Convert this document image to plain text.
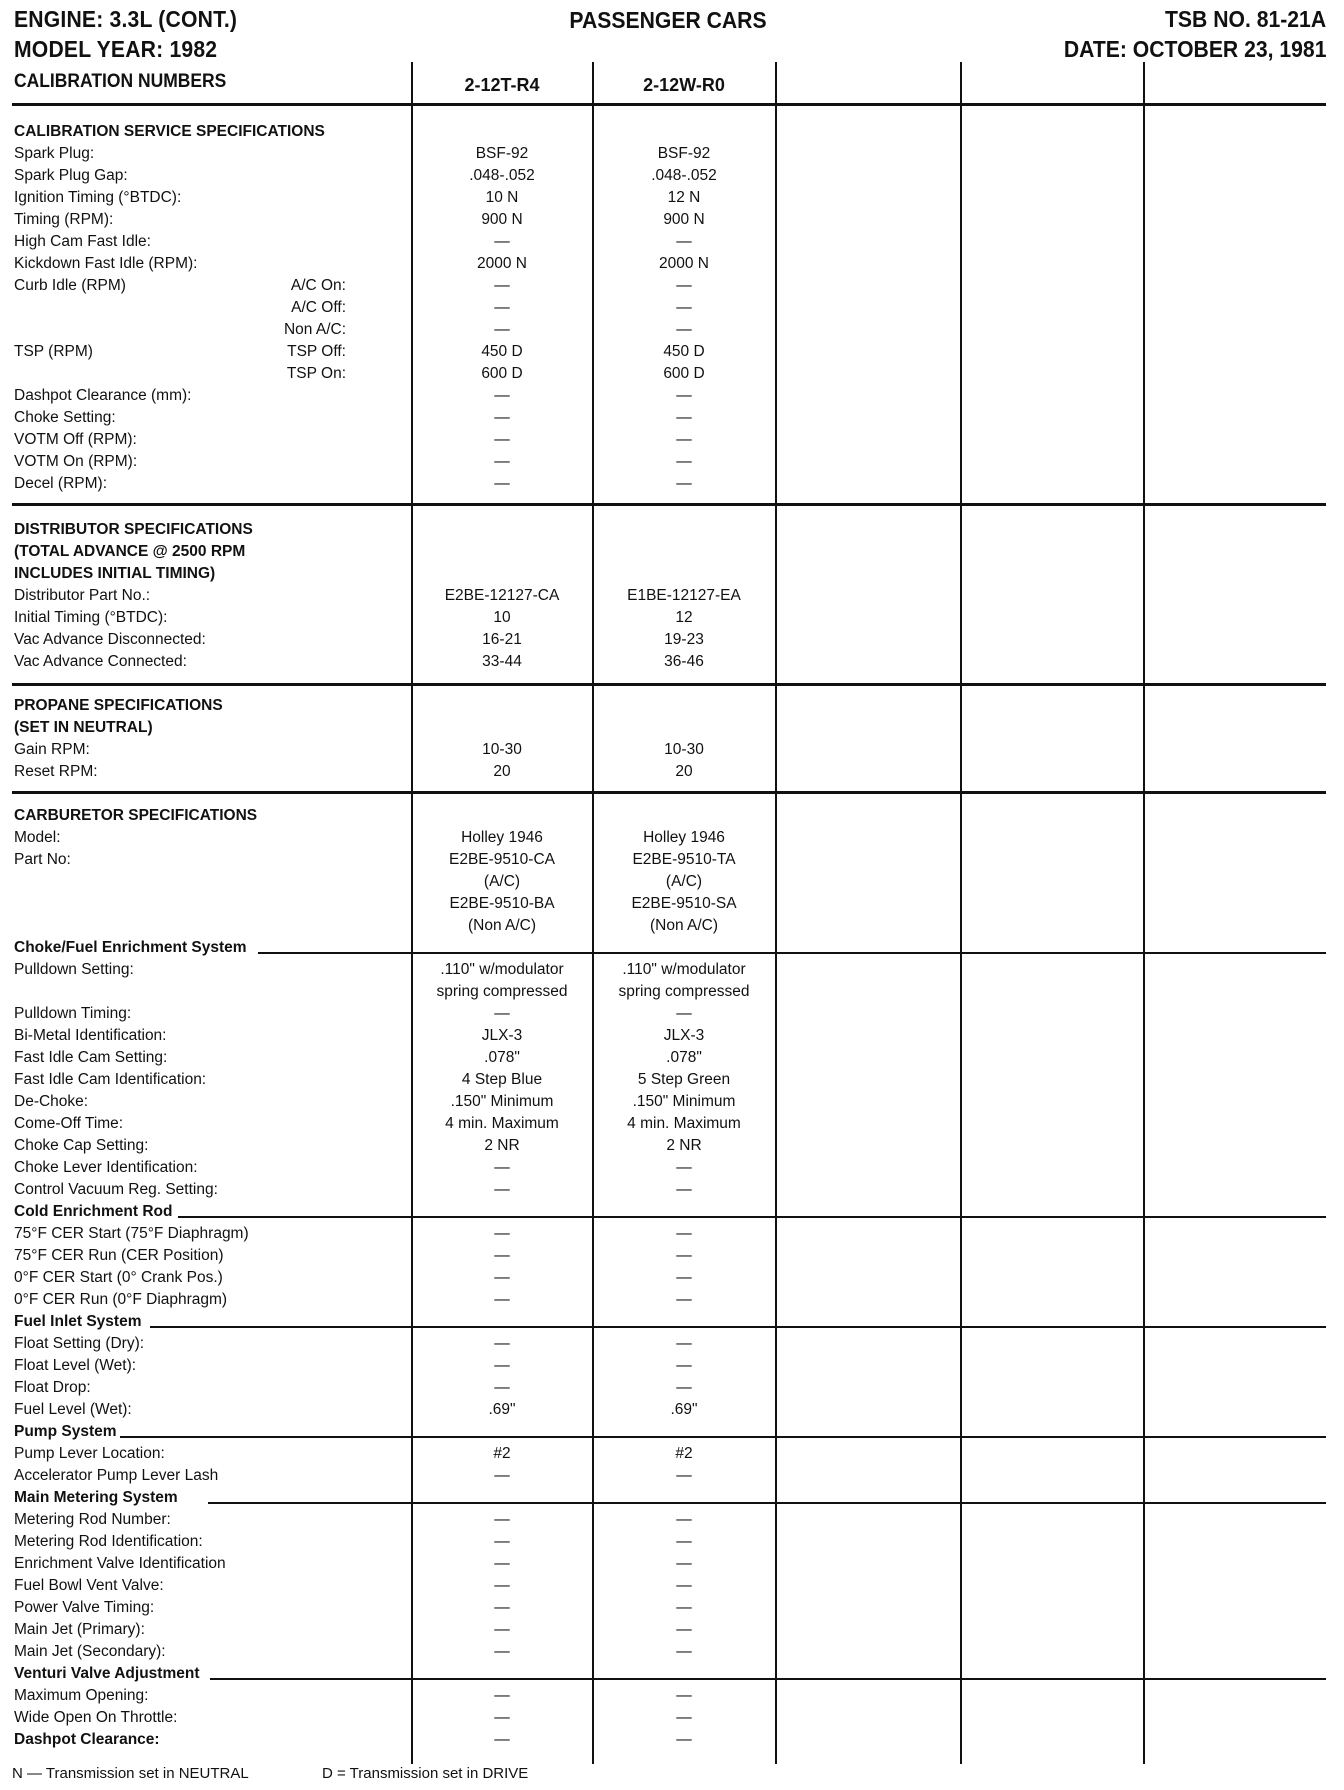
ENGINE: 3.3L (CONT.)
MODEL YEAR: 1982
PASSENGER CARS	TSB NO. 81-21A
DATE: OCTOBER 23, 1981
CALIBRATION NUMBERS	2-12T-R4	2-12W-R0
CALIBRATION SERVICE SPECIFICATIONS
Spark Plug:	BSF-92	BSF-92
Spark Plug Gap:	.048-.052	.048-.052
Ignition Timing (°BTDC):	10 N	12 N
Timing (RPM):	900 N	900 N
High Cam Fast Idle:	—	—
Kickdown Fast Idle (RPM):	2000 N	2000 N
Curb Idle (RPM)	A/C On:	—	—
A/C Off:	—	—
Non A/C:	—	—
TSP (RPM)	TSP Off:	450 D	450 D
TSP On:	600 D	600 D
Dashpot Clearance (mm):	—	—
Choke Setting:	—	—
VOTM Off (RPM):	—	—
VOTM On (RPM):	—	—
Decel (RPM):	—	—
DISTRIBUTOR SPECIFICATIONS
(TOTAL ADVANCE @ 2500 RPM
INCLUDES INITIAL TIMING)
Distributor Part No.:	E2BE-12127-CA	E1BE-12127-EA
Initial Timing (°BTDC):	10	12
Vac Advance Disconnected:	16-21	19-23
Vac Advance Connected:	33-44	36-46
PROPANE SPECIFICATIONS
(SET IN NEUTRAL)
Gain RPM:	10-30	10-30
Reset RPM:	20	20
CARBURETOR SPECIFICATIONS
Model:	Holley 1946	Holley 1946
Part No:	E2BE-9510-CA	E2BE-9510-TA
(A/C)	(A/C)
E2BE-9510-BA	E2BE-9510-SA
(Non A/C)	(Non A/C)
Choke/Fuel Enrichment System
Pulldown Setting:	.110" w/modulator	.110" w/modulator
spring compressed	spring compressed
Pulldown Timing:	—	—
Bi-Metal Identification:	JLX-3	JLX-3
Fast Idle Cam Setting:	.078"	.078"
Fast Idle Cam Identification:	4 Step Blue	5 Step Green
De-Choke:	.150" Minimum	.150" Minimum
Come-Off Time:	4 min. Maximum	4 min. Maximum
Choke Cap Setting:	2 NR	2 NR
Choke Lever Identification:	—	—
Control Vacuum Reg. Setting:	—	—
Cold Enrichment Rod
75°F CER Start (75°F Diaphragm)	—	—
75°F CER Run (CER Position)	—	—
0°F CER Start (0° Crank Pos.)	—	—
0°F CER Run (0°F Diaphragm)	—	—
Fuel Inlet System
Float Setting (Dry):	—	—
Float Level (Wet):	—	—
Float Drop:	—	—
Fuel Level (Wet):	.69"	.69"
Pump System
Pump Lever Location:	#2	#2
Accelerator Pump Lever Lash	—	—
Main Metering System
Metering Rod Number:	—	—
Metering Rod Identification:	—	—
Enrichment Valve Identification	—	—
Fuel Bowl Vent Valve:	—	—
Power Valve Timing:	—	—
Main Jet (Primary):	—	—
Main Jet (Secondary):	—	—
Venturi Valve Adjustment
Maximum Opening:	—	—
Wide Open On Throttle:	—	—
Dashpot Clearance:	—	—
N — Transmission set in NEUTRAL	D = Transmission set in DRIVE
